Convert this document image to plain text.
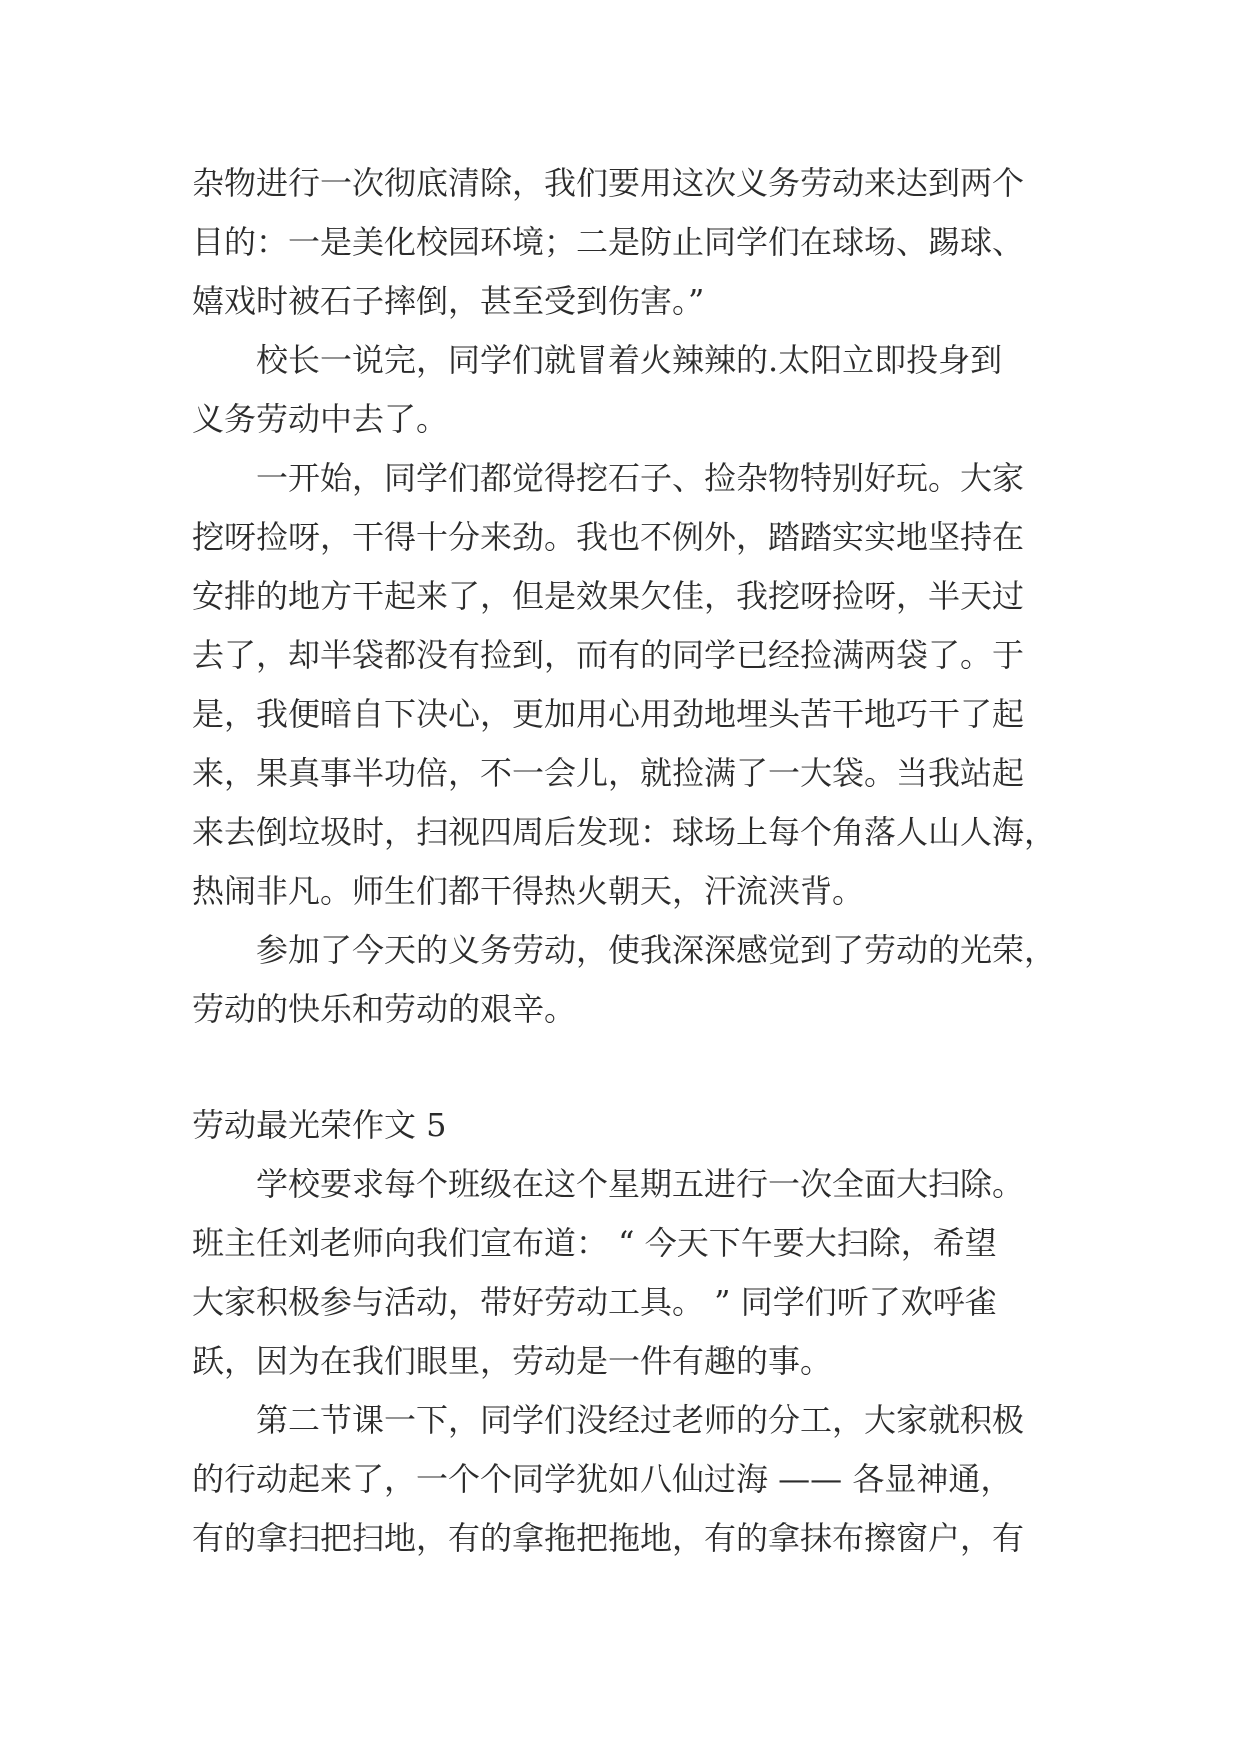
杂物进行一次彻底清除，我们要用这次义务劳动来达到两个
目的：一是美化校园环境；二是防止同学们在球场、踢球、
嬉戏时被石子摔倒，甚至受到伤害。”
校长一说完，同学们就冒着火辣辣的.太阳立即投身到
义务劳动中去了。
一开始，同学们都觉得挖石子、捡杂物特别好玩。大家
挖呀捡呀，干得十分来劲。我也不例外，踏踏实实地坚持在
安排的地方干起来了，但是效果欠佳，我挖呀捡呀，半天过
去了，却半袋都没有捡到，而有的同学已经捡满两袋了。于
是，我便暗自下决心，更加用心用劲地埋头苦干地巧干了起
来，果真事半功倍，不一会儿，就捡满了一大袋。当我站起
来去倒垃圾时，扫视四周后发现：球场上每个角落人山人海，
热闹非凡。师生们都干得热火朝天，汗流浃背。
参加了今天的义务劳动，使我深深感觉到了劳动的光荣，
劳动的快乐和劳动的艰辛。
劳动最光荣作文 5
学校要求每个班级在这个星期五进行一次全面大扫除。
班主任刘老师向我们宣布道： “ 今天下午要大扫除，希望
大家积极参与活动，带好劳动工具。 ” 同学们听了欢呼雀
跃，因为在我们眼里，劳动是一件有趣的事。
第二节课一下，同学们没经过老师的分工，大家就积极
的行动起来了，一个个同学犹如八仙过海 —— 各显神通，
有的拿扫把扫地，有的拿拖把拖地，有的拿抹布擦窗户，有
